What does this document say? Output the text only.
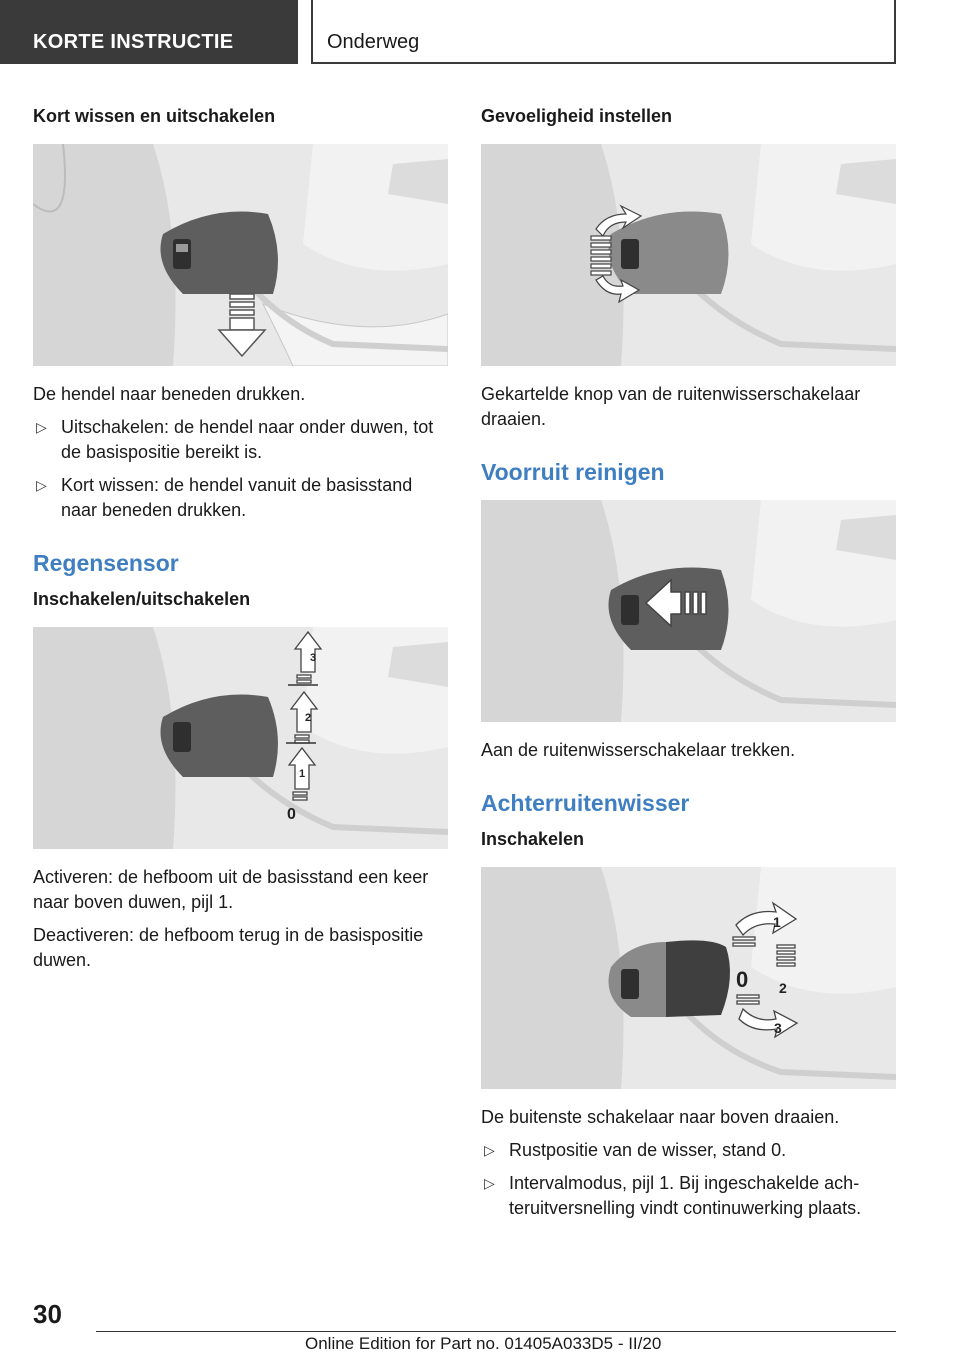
KORTE INSTRUCTIE	Onderweg
Kort wissen en uitschakelen
De hendel naar beneden drukken.
▷ Uitschakelen: de hendel naar onder duwen, tot de basispositie bereikt is.
▷ Kort wissen: de hendel vanuit de basisstand naar beneden drukken.
Regensensor
Inschakelen/uitschakelen
3
2
1
0
Activeren: de hefboom uit de basisstand een keer naar boven duwen, pijl 1.
Deactiveren: de hefboom terug in de basispositie duwen.
Gevoeligheid instellen
Gekartelde knop van de ruitenwisserschakelaar draaien.
Voorruit reinigen
Aan de ruitenwisserschakelaar trekken.
Achterruitenwisser
Inschakelen
0
1
2
3
De buitenste schakelaar naar boven draaien.
▷ Rustpositie van de wisser, stand 0.
▷ Intervalmodus, pijl 1. Bij ingeschakelde ach-teruitversnelling vindt continuwerking plaats.
30
Online Edition for Part no. 01405A033D5 - II/20
